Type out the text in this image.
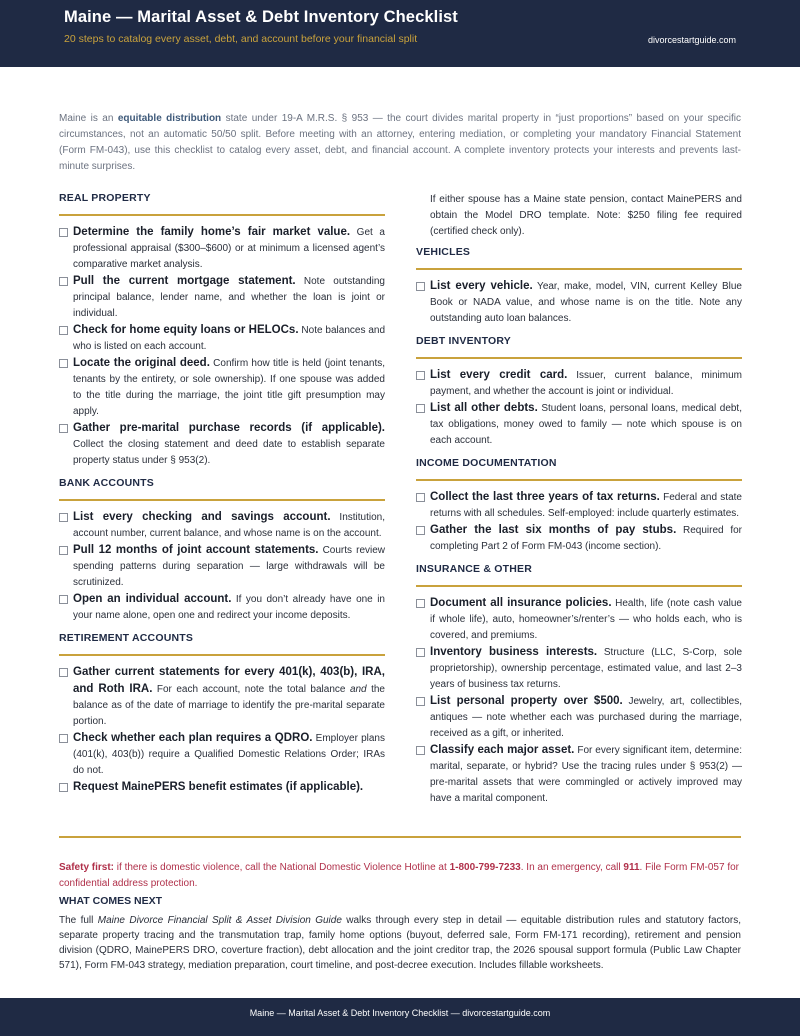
Maine — Marital Asset & Debt Inventory Checklist
20 steps to catalog every asset, debt, and account before your financial split	divorcestartguide.com
Maine is an equitable distribution state under 19-A M.R.S. § 953 — the court divides marital property in “just proportions” based on your specific circumstances, not an automatic 50/50 split. Before meeting with an attorney, entering mediation, or completing your mandatory Financial Statement (Form FM-043), use this checklist to catalog every asset, debt, and financial account. A complete inventory protects your interests and prevents last-minute surprises.
REAL PROPERTY
Determine the family home’s fair market value. Get a professional appraisal ($300–$600) or at minimum a licensed agent’s comparative market analysis.
Pull the current mortgage statement. Note outstanding principal balance, lender name, and whether the loan is joint or individual.
Check for home equity loans or HELOCs. Note balances and who is listed on each account.
Locate the original deed. Confirm how title is held (joint tenants, tenants by the entirety, or sole ownership). If one spouse was added to the title during the marriage, the joint title gift presumption may apply.
Gather pre-marital purchase records (if applicable). Collect the closing statement and deed date to establish separate property status under § 953(2).
BANK ACCOUNTS
List every checking and savings account. Institution, account number, current balance, and whose name is on the account.
Pull 12 months of joint account statements. Courts review spending patterns during separation — large withdrawals will be scrutinized.
Open an individual account. If you don’t already have one in your name alone, open one and redirect your income deposits.
RETIREMENT ACCOUNTS
Gather current statements for every 401(k), 403(b), IRA, and Roth IRA. For each account, note the total balance and the balance as of the date of marriage to identify the pre-marital separate portion.
Check whether each plan requires a QDRO. Employer plans (401(k), 403(b)) require a Qualified Domestic Relations Order; IRAs do not.
Request MainePERS benefit estimates (if applicable).
If either spouse has a Maine state pension, contact MainePERS and obtain the Model DRO template. Note: $250 filing fee required (certified check only).
VEHICLES
List every vehicle. Year, make, model, VIN, current Kelley Blue Book or NADA value, and whose name is on the title. Note any outstanding auto loan balances.
DEBT INVENTORY
List every credit card. Issuer, current balance, minimum payment, and whether the account is joint or individual.
List all other debts. Student loans, personal loans, medical debt, tax obligations, money owed to family — note which spouse is on each account.
INCOME DOCUMENTATION
Collect the last three years of tax returns. Federal and state returns with all schedules. Self-employed: include quarterly estimates.
Gather the last six months of pay stubs. Required for completing Part 2 of Form FM-043 (income section).
INSURANCE & OTHER
Document all insurance policies. Health, life (note cash value if whole life), auto, homeowner’s/renter’s — who holds each, who is covered, and premiums.
Inventory business interests. Structure (LLC, S-Corp, sole proprietorship), ownership percentage, estimated value, and last 2–3 years of business tax returns.
List personal property over $500. Jewelry, art, collectibles, antiques — note whether each was purchased during the marriage, received as a gift, or inherited.
Classify each major asset. For every significant item, determine: marital, separate, or hybrid? Use the tracing rules under § 953(2) — pre-marital assets that were commingled or actively improved may have a marital component.
Safety first: if there is domestic violence, call the National Domestic Violence Hotline at 1-800-799-7233. In an emergency, call 911. File Form FM-057 for confidential address protection.
WHAT COMES NEXT
The full Maine Divorce Financial Split & Asset Division Guide walks through every step in detail — equitable distribution rules and statutory factors, separate property tracing and the transmutation trap, family home options (buyout, deferred sale, Form FM-171 recording), retirement and pension division (QDRO, MainePERS DRO, coverture fraction), debt allocation and the joint creditor trap, the 2026 spousal support formula (Public Law Chapter 571), Form FM-043 strategy, mediation preparation, court timeline, and post-decree execution. Includes fillable worksheets.
Maine — Marital Asset & Debt Inventory Checklist — divorcestartguide.com
